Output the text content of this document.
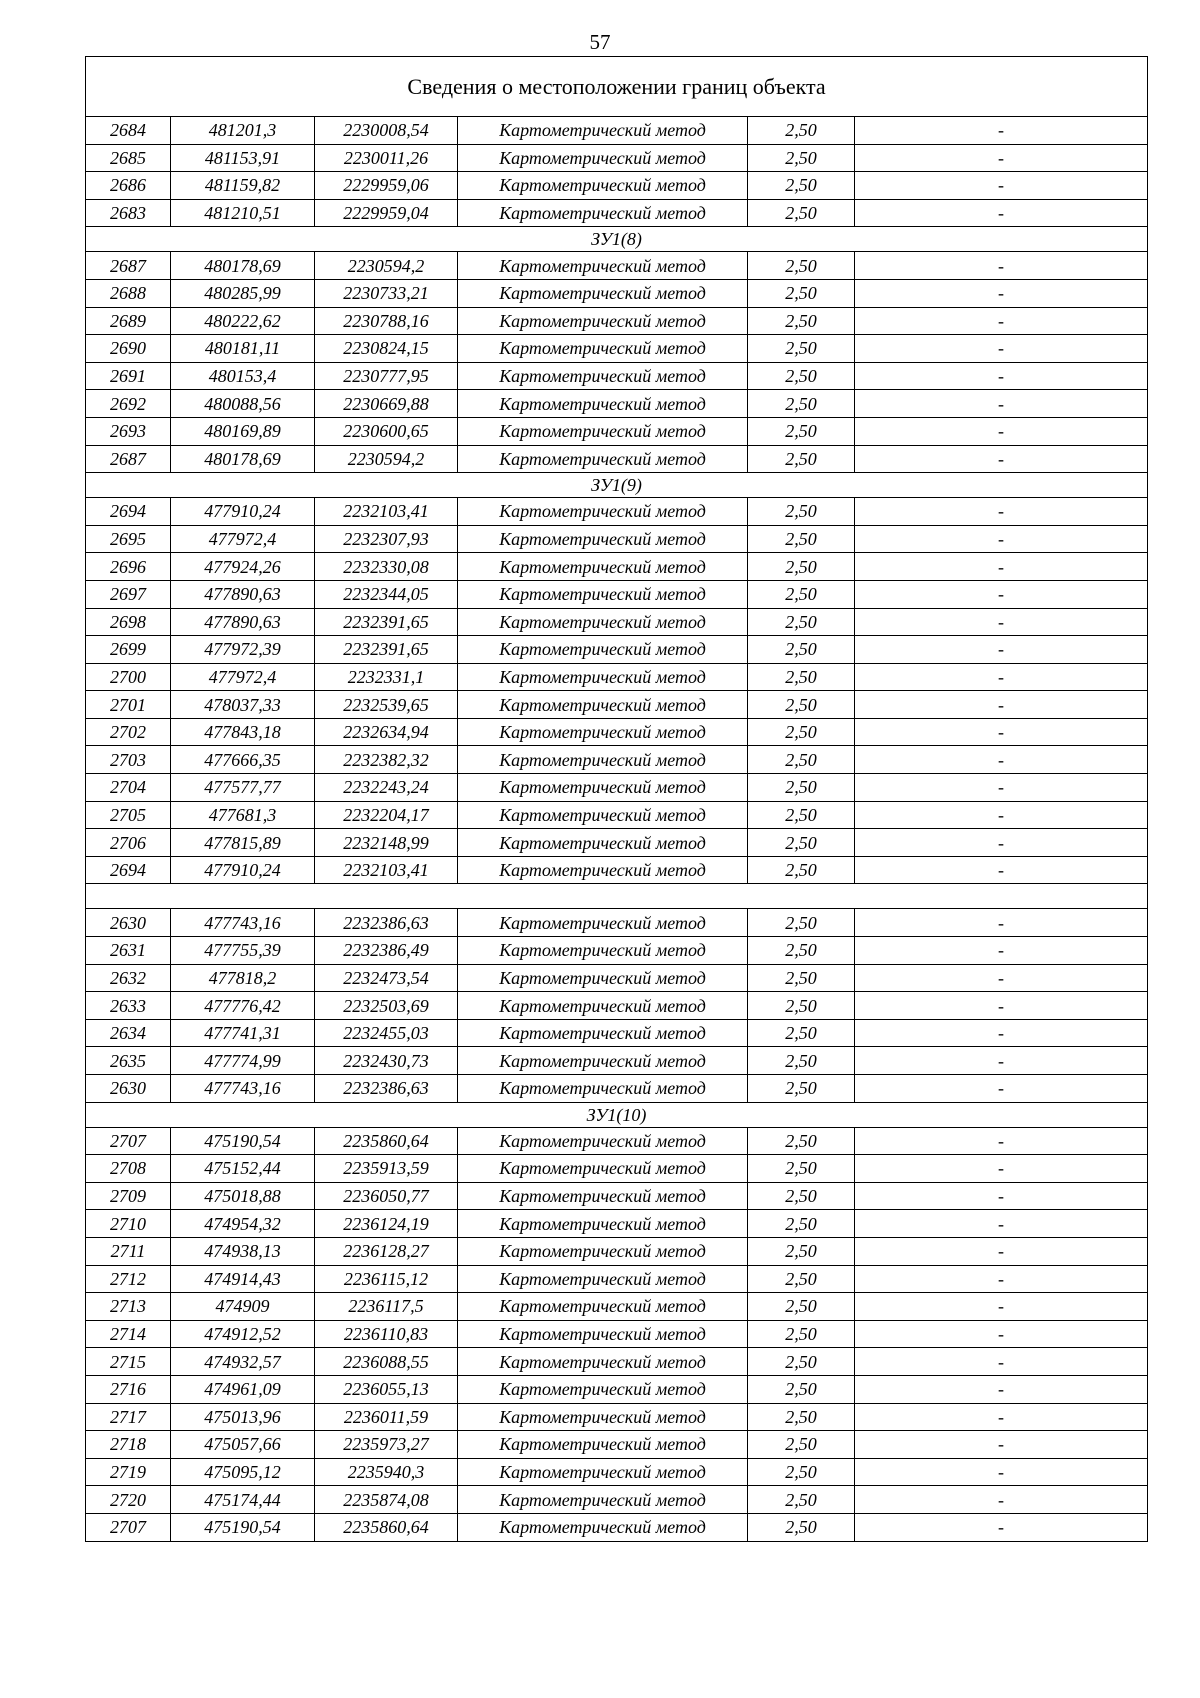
57
Сведения о местоположении границ объекта					
2684	481201,3	2230008,54	Картометрический метод	2,50	-
2685	481153,91	2230011,26	Картометрический метод	2,50	-
2686	481159,82	2229959,06	Картометрический метод	2,50	-
2683	481210,51	2229959,04	Картометрический метод	2,50	-
ЗУ1(8)					
2687	480178,69	2230594,2	Картометрический метод	2,50	-
2688	480285,99	2230733,21	Картометрический метод	2,50	-
2689	480222,62	2230788,16	Картометрический метод	2,50	-
2690	480181,11	2230824,15	Картометрический метод	2,50	-
2691	480153,4	2230777,95	Картометрический метод	2,50	-
2692	480088,56	2230669,88	Картометрический метод	2,50	-
2693	480169,89	2230600,65	Картометрический метод	2,50	-
2687	480178,69	2230594,2	Картометрический метод	2,50	-
ЗУ1(9)					
2694	477910,24	2232103,41	Картометрический метод	2,50	-
2695	477972,4	2232307,93	Картометрический метод	2,50	-
2696	477924,26	2232330,08	Картометрический метод	2,50	-
2697	477890,63	2232344,05	Картометрический метод	2,50	-
2698	477890,63	2232391,65	Картометрический метод	2,50	-
2699	477972,39	2232391,65	Картометрический метод	2,50	-
2700	477972,4	2232331,1	Картометрический метод	2,50	-
2701	478037,33	2232539,65	Картометрический метод	2,50	-
2702	477843,18	2232634,94	Картометрический метод	2,50	-
2703	477666,35	2232382,32	Картометрический метод	2,50	-
2704	477577,77	2232243,24	Картометрический метод	2,50	-
2705	477681,3	2232204,17	Картометрический метод	2,50	-
2706	477815,89	2232148,99	Картометрический метод	2,50	-
2694	477910,24	2232103,41	Картометрический метод	2,50	-

2630	477743,16	2232386,63	Картометрический метод	2,50	-
2631	477755,39	2232386,49	Картометрический метод	2,50	-
2632	477818,2	2232473,54	Картометрический метод	2,50	-
2633	477776,42	2232503,69	Картометрический метод	2,50	-
2634	477741,31	2232455,03	Картометрический метод	2,50	-
2635	477774,99	2232430,73	Картометрический метод	2,50	-
2630	477743,16	2232386,63	Картометрический метод	2,50	-
ЗУ1(10)					
2707	475190,54	2235860,64	Картометрический метод	2,50	-
2708	475152,44	2235913,59	Картометрический метод	2,50	-
2709	475018,88	2236050,77	Картометрический метод	2,50	-
2710	474954,32	2236124,19	Картометрический метод	2,50	-
2711	474938,13	2236128,27	Картометрический метод	2,50	-
2712	474914,43	2236115,12	Картометрический метод	2,50	-
2713	474909	2236117,5	Картометрический метод	2,50	-
2714	474912,52	2236110,83	Картометрический метод	2,50	-
2715	474932,57	2236088,55	Картометрический метод	2,50	-
2716	474961,09	2236055,13	Картометрический метод	2,50	-
2717	475013,96	2236011,59	Картометрический метод	2,50	-
2718	475057,66	2235973,27	Картометрический метод	2,50	-
2719	475095,12	2235940,3	Картометрический метод	2,50	-
2720	475174,44	2235874,08	Картометрический метод	2,50	-
2707	475190,54	2235860,64	Картометрический метод	2,50	-
